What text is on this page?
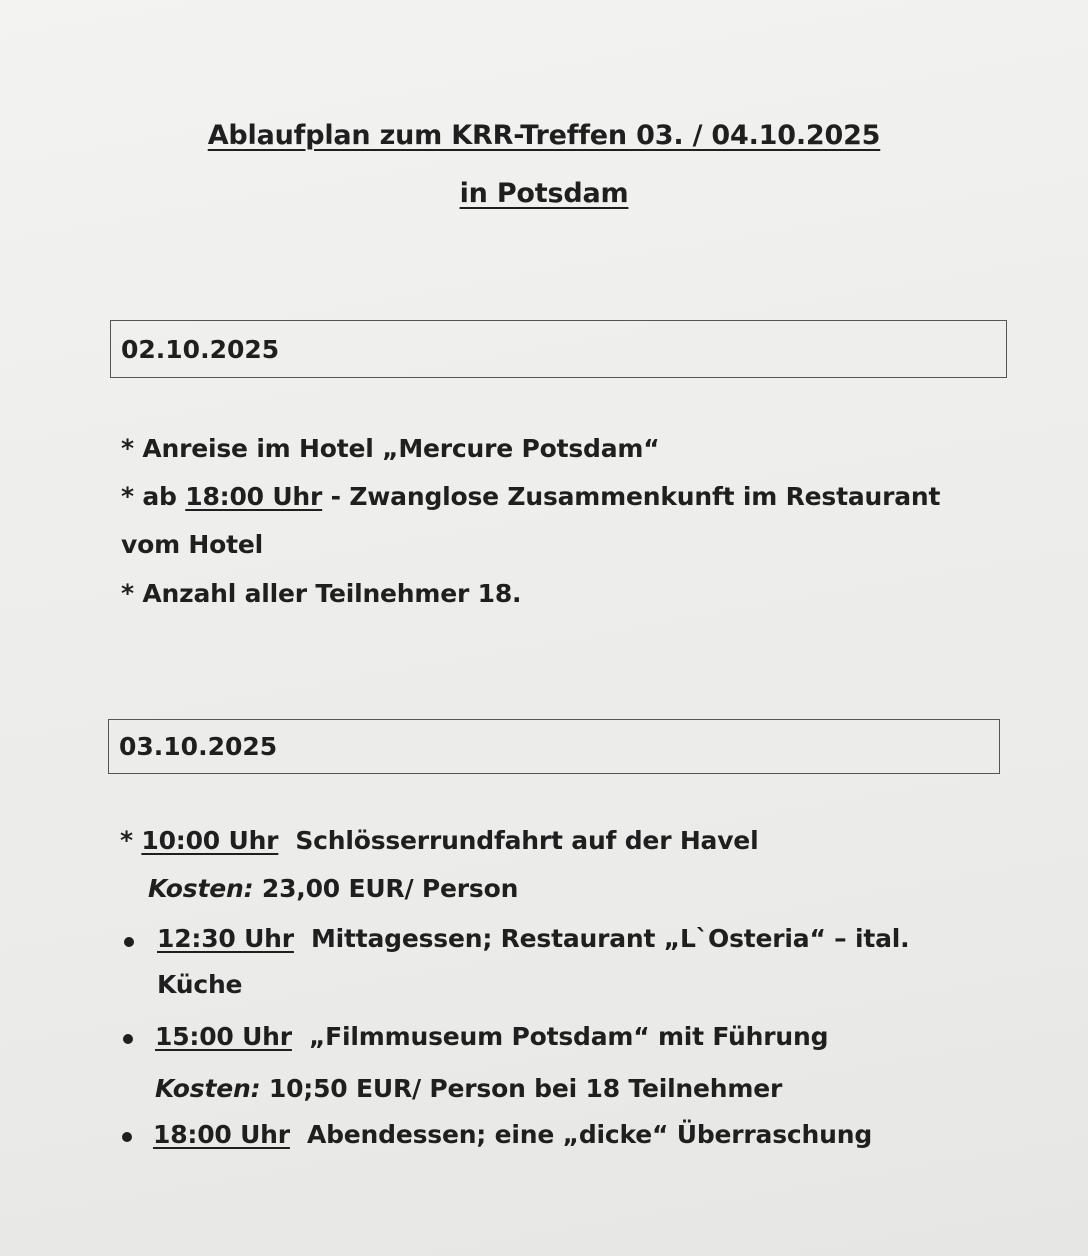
Ablaufplan zum KRR-Treffen 03. / 04.10.2025
in Potsdam
02.10.2025
* Anreise im Hotel „Mercure Potsdam“
* ab 18:00 Uhr - Zwanglose Zusammenkunft im Restaurant
vom Hotel
* Anzahl aller Teilnehmer 18.
03.10.2025
* 10:00 Uhr Schlösserrundfahrt auf der Havel
Kosten: 23,00 EUR/ Person
12:30 Uhr Mittagessen; Restaurant „L`Osteria“ – ital.
Küche
15:00 Uhr „Filmmuseum Potsdam“ mit Führung
Kosten: 10;50 EUR/ Person bei 18 Teilnehmer
18:00 Uhr Abendessen; eine „dicke“ Überraschung
